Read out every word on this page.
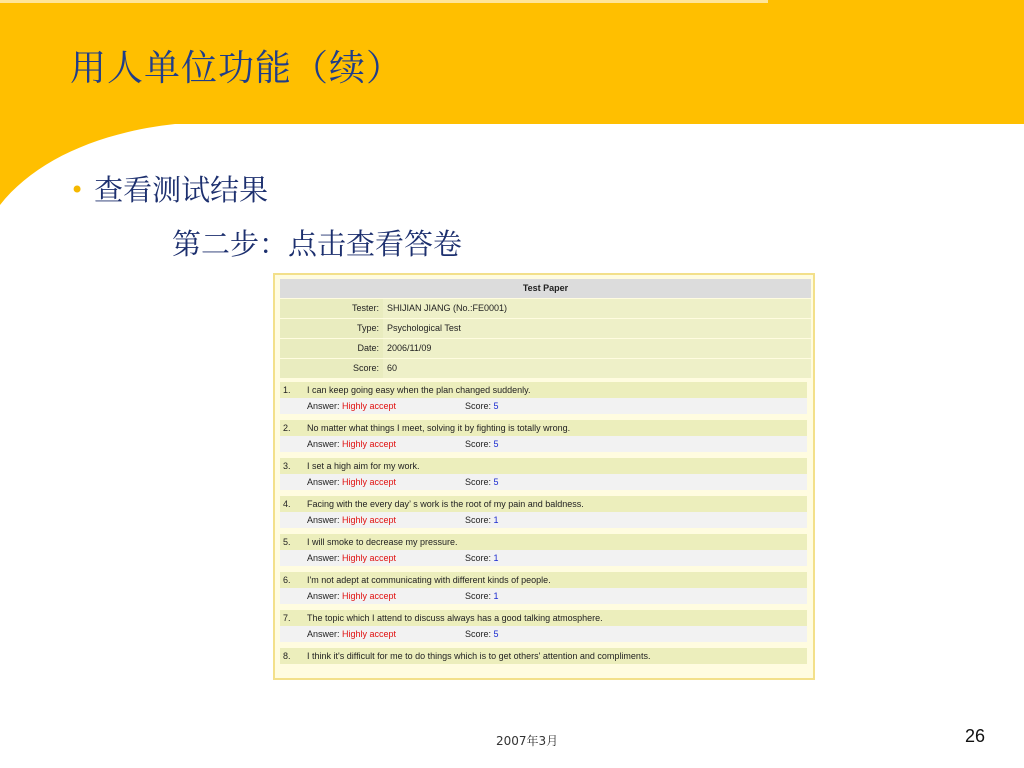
用人单位功能（续）
• 查看测试结果
第二步：点击查看答卷
Test Paper
Tester: SHIJIAN JIANG (No.:FE0001)
Type: Psychological Test
Date: 2006/11/09
Score: 60
1.	I can keep going easy when the plan changed suddenly.
Answer: Highly accept	Score: 5
2.	No matter what things I meet, solving it by fighting is totally wrong.
Answer: Highly accept	Score: 5
3.	I set a high aim for my work.
Answer: Highly accept	Score: 5
4.	Facing with the every day’ s work is the root of my pain and baldness.
Answer: Highly accept	Score: 1
5.	I will smoke to decrease my pressure.
Answer: Highly accept	Score: 1
6.	I'm not adept at communicating with different kinds of people.
Answer: Highly accept	Score: 1
7.	The topic which I attend to discuss always has a good talking atmosphere.
Answer: Highly accept	Score: 5
8.	I think it's difficult for me to do things which is to get others' attention and compliments.
2007年3月	26
